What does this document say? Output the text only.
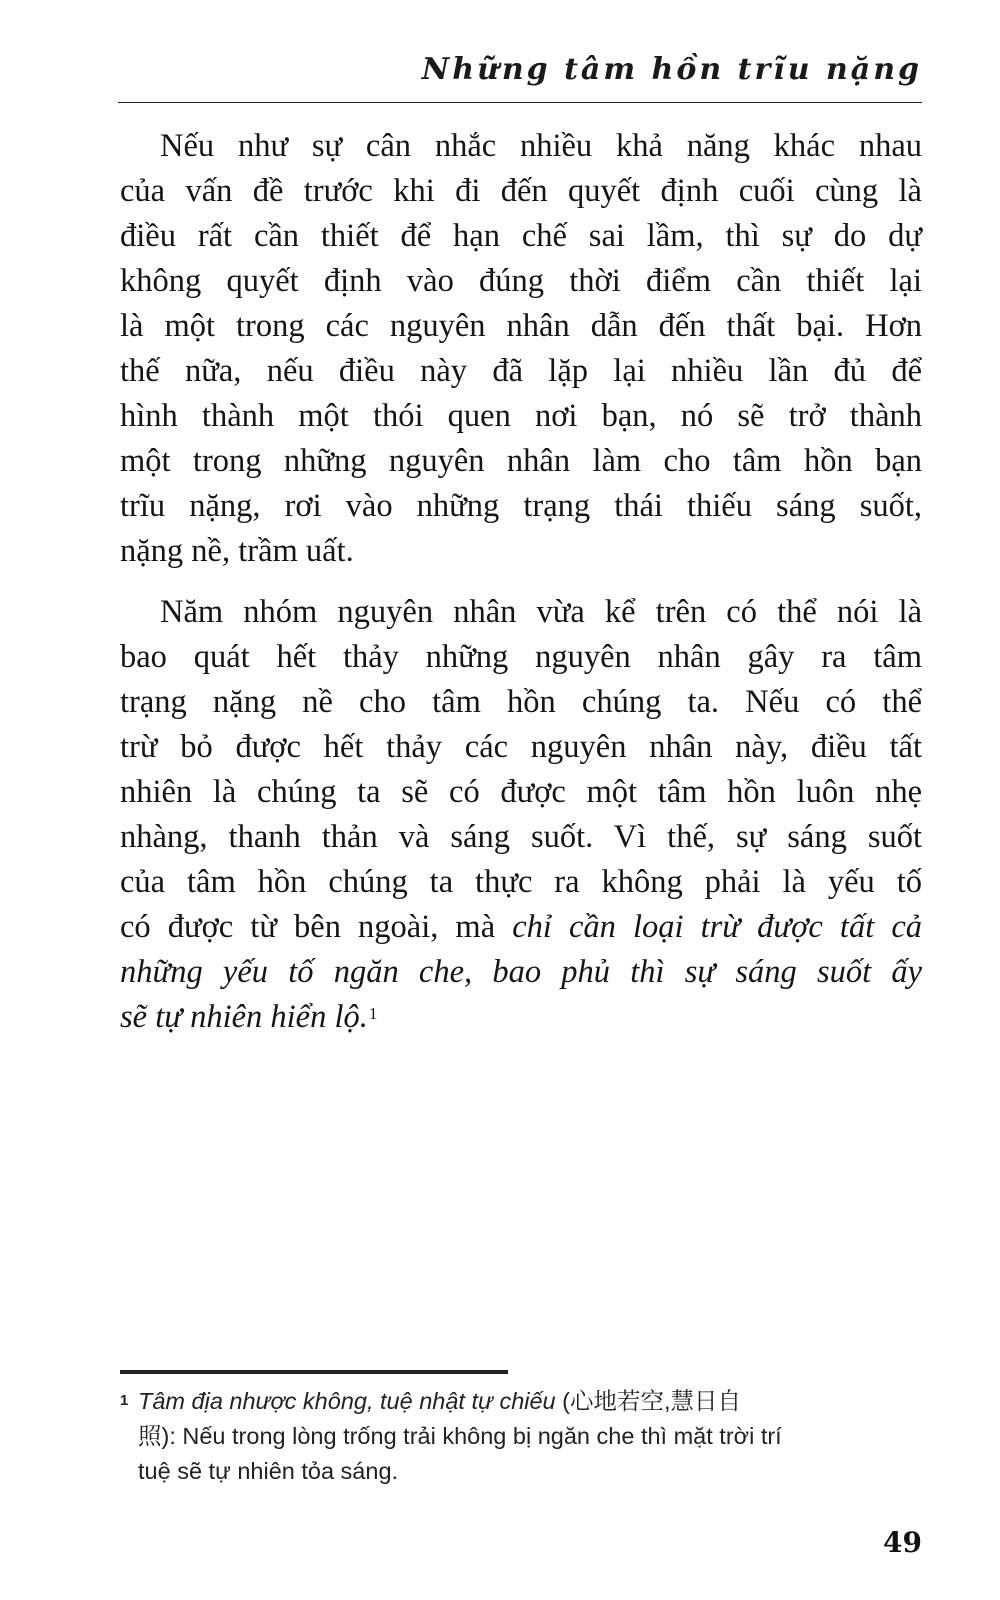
Những tâm hồn trĩu nặng
Nếu như sự cân nhắc nhiều khả năng khác nhau
của vấn đề trước khi đi đến quyết định cuối cùng là
điều rất cần thiết để hạn chế sai lầm, thì sự do dự
không quyết định vào đúng thời điểm cần thiết lại
là một trong các nguyên nhân dẫn đến thất bại. Hơn
thế nữa, nếu điều này đã lặp lại nhiều lần đủ để
hình thành một thói quen nơi bạn, nó sẽ trở thành
một trong những nguyên nhân làm cho tâm hồn bạn
trĩu nặng, rơi vào những trạng thái thiếu sáng suốt,
nặng nề, trầm uất.
Năm nhóm nguyên nhân vừa kể trên có thể nói là
bao quát hết thảy những nguyên nhân gây ra tâm
trạng nặng nề cho tâm hồn chúng ta. Nếu có thể
trừ bỏ được hết thảy các nguyên nhân này, điều tất
nhiên là chúng ta sẽ có được một tâm hồn luôn nhẹ
nhàng, thanh thản và sáng suốt. Vì thế, sự sáng suốt
của tâm hồn chúng ta thực ra không phải là yếu tố
có được từ bên ngoài, mà chỉ cần loại trừ được tất cả
những yếu tố ngăn che, bao phủ thì sự sáng suốt ấy
sẽ tự nhiên hiển lộ.$^1$
1 Tâm địa nhược không, tuệ nhật tự chiếu (心地若空,慧日自
照): Nếu trong lòng trống trải không bị ngăn che thì mặt trời trí
tuệ sẽ tự nhiên tỏa sáng.
49
